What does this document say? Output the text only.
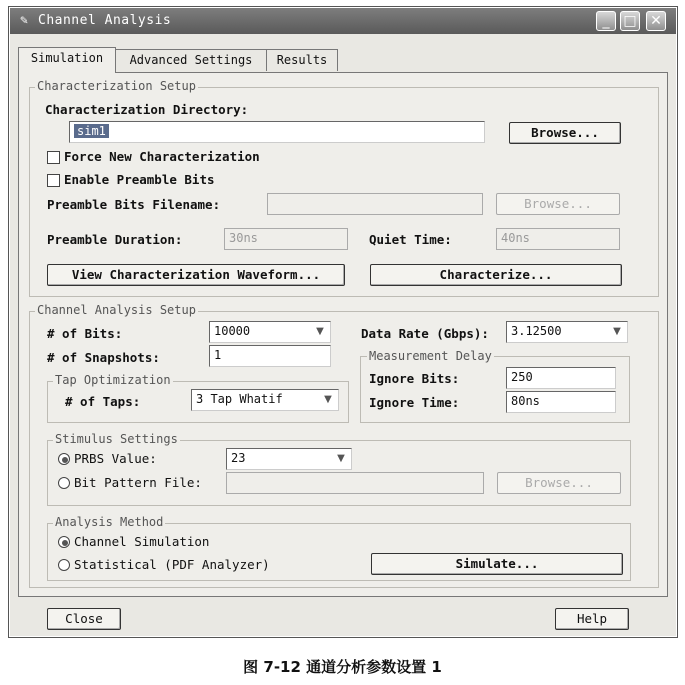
✎ Channel Analysis	_ □ ✕
Simulation	Advanced Settings	Results
Characterization Setup
Characterization Directory:
sim1	Browse...
Force New Characterization
Enable Preamble Bits
Preamble Bits Filename:	Browse...
Preamble Duration:	30ns	Quiet Time:	40ns
View Characterization Waveform...	Characterize...
Channel Analysis Setup
# of Bits:	10000	▼	Data Rate (Gbps):	3.12500	▼
# of Snapshots:	1
Tap Optimization
# of Taps:	3 Tap Whatif	▼
Measurement Delay
Ignore Bits:	250
Ignore Time:	80ns
Stimulus Settings
PRBS Value:	23	▼
Bit Pattern File:	Browse...
Analysis Method
Channel Simulation
Statistical (PDF Analyzer)	Simulate...
Close	Help
图 7-12 通道分析参数设置 1
